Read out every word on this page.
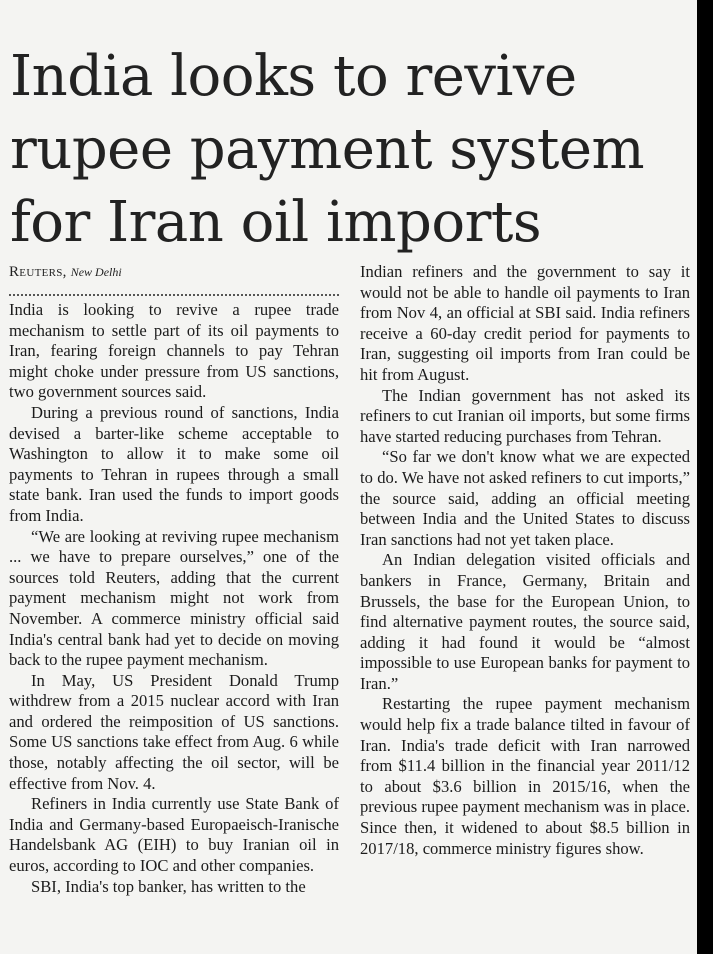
India looks to revive
rupee payment system
for Iran oil imports
Reuters, New Delhi

India is looking to revive a rupee trade mechanism to settle part of its oil payments to Iran, fearing foreign channels to pay Tehran might choke under pressure from US sanctions, two government sources said.

During a previous round of sanctions, India devised a barter-like scheme acceptable to Washington to allow it to make some oil payments to Tehran in rupees through a small state bank. Iran used the funds to import goods from India.

“We are looking at reviving rupee mechanism ... we have to prepare ourselves,” one of the sources told Reuters, adding that the current payment mechanism might not work from November. A commerce ministry official said India's central bank had yet to decide on moving back to the rupee payment mechanism.

In May, US President Donald Trump withdrew from a 2015 nuclear accord with Iran and ordered the reimposition of US sanctions. Some US sanctions take effect from Aug. 6 while those, notably affecting the oil sector, will be effective from Nov. 4.

Refiners in India currently use State Bank of India and Germany-based Europaeisch-Iranische Handelsbank AG (EIH) to buy Iranian oil in euros, according to IOC and other companies.

SBI, India's top banker, has written to the

Indian refiners and the government to say it would not be able to handle oil payments to Iran from Nov 4, an official at SBI said. India refiners receive a 60-day credit period for payments to Iran, suggesting oil imports from Iran could be hit from August.

The Indian government has not asked its refiners to cut Iranian oil imports, but some firms have started reducing purchases from Tehran.

“So far we don't know what we are expected to do. We have not asked refiners to cut imports,” the source said, adding an official meeting between India and the United States to discuss Iran sanctions had not yet taken place.

An Indian delegation visited officials and bankers in France, Germany, Britain and Brussels, the base for the European Union, to find alternative payment routes, the source said, adding it had found it would be “almost impossible to use European banks for payment to Iran.”

Restarting the rupee payment mechanism would help fix a trade balance tilted in favour of Iran. India's trade deficit with Iran narrowed from $11.4 billion in the financial year 2011/12 to about $3.6 billion in 2015/16, when the previous rupee payment mechanism was in place. Since then, it widened to about $8.5 billion in 2017/18, commerce ministry figures show.
